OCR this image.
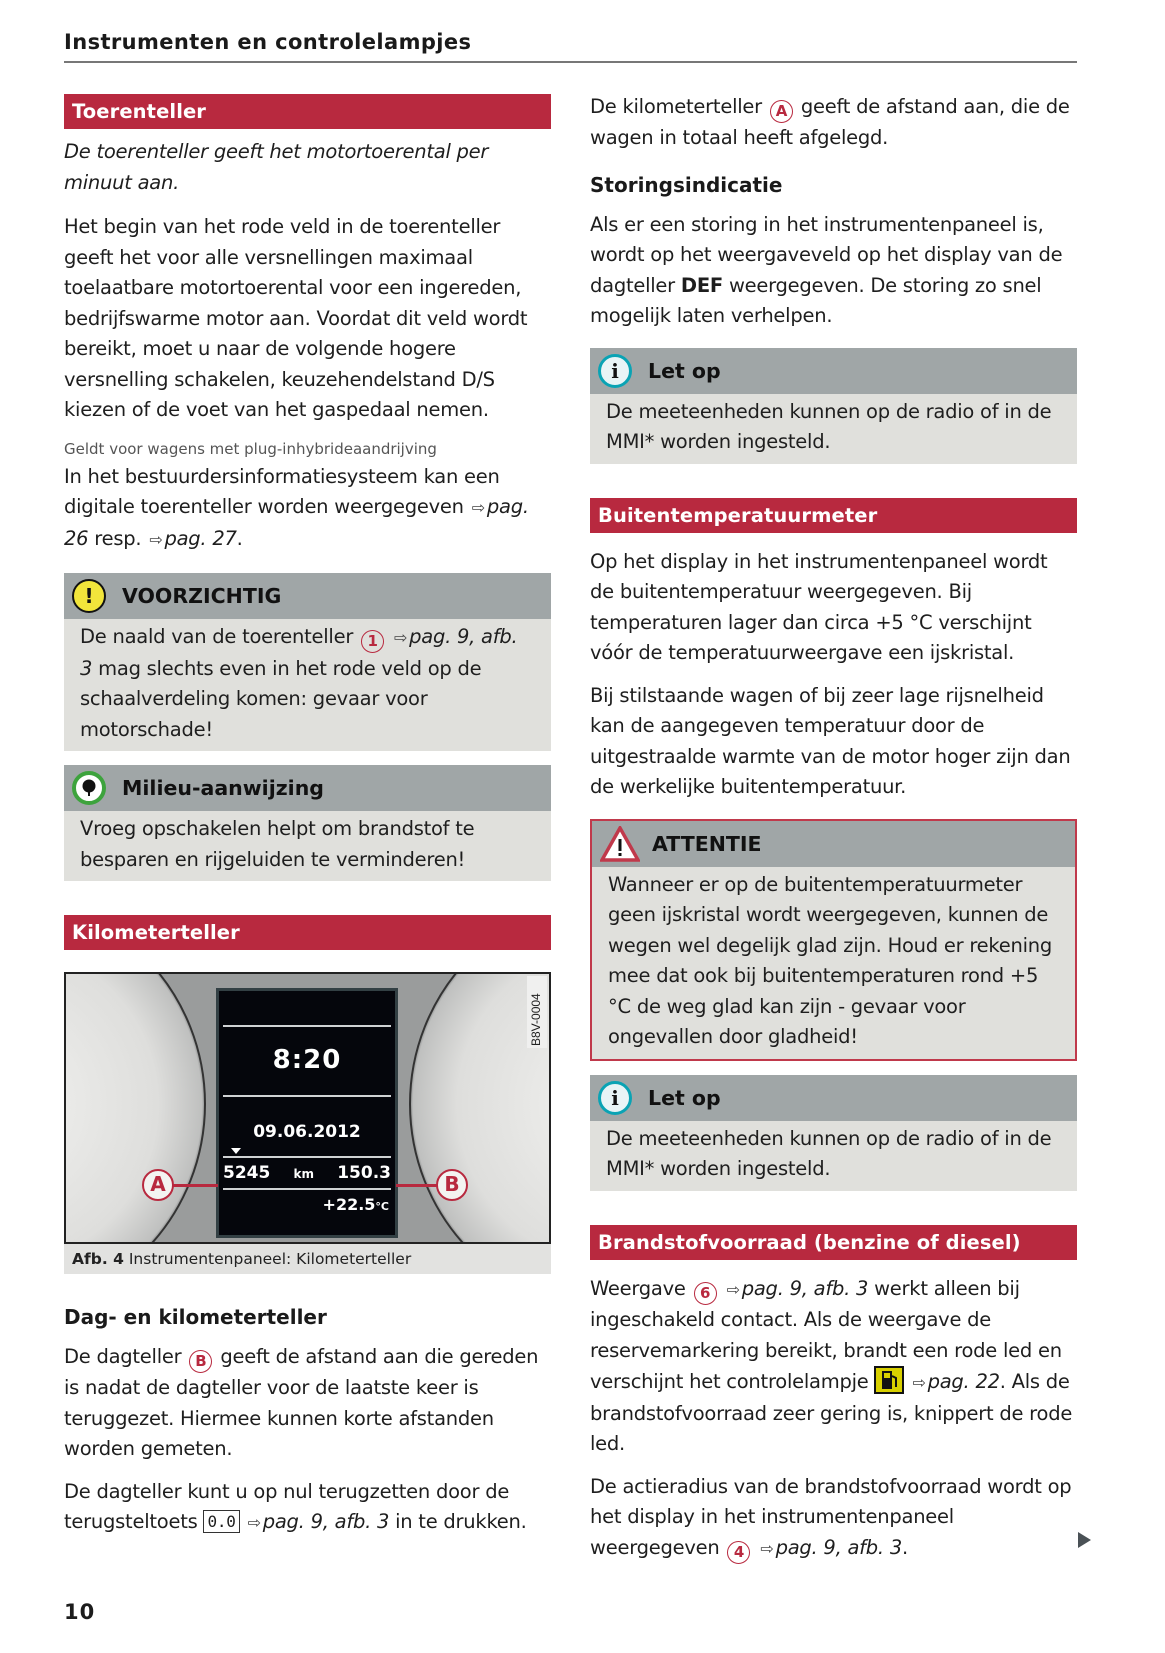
Instrumenten en controlelampjes
Toerenteller

De toerenteller geeft het motortoerental per minuut aan.

Het begin van het rode veld in de toerenteller geeft het voor alle versnellingen maximaal toelaatbare motortoerental voor een ingereden, bedrijfswarme motor aan. Voordat dit veld wordt bereikt, moet u naar de volgende hogere versnelling schakelen, keuzehendelstand D/S kiezen of de voet van het gaspedaal nemen.

Geldt voor wagens met plug-inhybrideaandrijving

In het bestuurdersinformatiesysteem kan een digitale toerenteller worden weergegeven ⇨ pag. 26 resp. ⇨ pag. 27.

!	VOORZICHTIG
De naald van de toerenteller 1 ⇨ pag. 9, afb. 3 mag slechts even in het rode veld op de schaalverdeling komen: gevaar voor motorschade!
Milieu-aanwijzing
Vroeg opschakelen helpt om brandstof te besparen en rijgeluiden te verminderen!
Kilometerteller
8:20
09.06.2012
5245 km 150.3
+22.5°C
A	B
B8V-0004
Afb. 4 Instrumentenpaneel: Kilometerteller
Dag- en kilometerteller

De dagteller B geeft de afstand aan die gereden is nadat de dagteller voor de laatste keer is teruggezet. Hiermee kunnen korte afstanden worden gemeten.

De dagteller kunt u op nul terugzetten door de terugsteltoets 0.0 ⇨ pag. 9, afb. 3 in te drukken.

De kilometerteller A geeft de afstand aan, die de wagen in totaal heeft afgelegd.

Storingsindicatie

Als er een storing in het instrumentenpaneel is, wordt op het weergaveveld op het display van de dagteller DEF weergegeven. De storing zo snel mogelijk laten verhelpen.

i	Let op
De meeteenheden kunnen op de radio of in de MMI* worden ingesteld.
Buitentemperatuurmeter

Op het display in het instrumentenpaneel wordt de buitentemperatuur weergegeven. Bij temperaturen lager dan circa +5 °C verschijnt vóór de temperatuurweergave een ijskristal.

Bij stilstaande wagen of bij zeer lage rijsnelheid kan de aangegeven temperatuur door de uitgestraalde warmte van de motor hoger zijn dan de werkelijke buitentemperatuur.

ATTENTIE
Wanneer er op de buitentemperatuurmeter geen ijskristal wordt weergegeven, kunnen de wegen wel degelijk glad zijn. Houd er rekening mee dat ook bij buitentemperaturen rond +5 °C de weg glad kan zijn - gevaar voor ongevallen door gladheid!
i	Let op
De meeteenheden kunnen op de radio of in de MMI* worden ingesteld.
Brandstofvoorraad (benzine of diesel)

Weergave 6 ⇨ pag. 9, afb. 3 werkt alleen bij ingeschakeld contact. Als de weergave de reservemarkering bereikt, brandt een rode led en verschijnt het controlelampje	⇨ pag. 22. Als de brandstofvoorraad zeer gering is, knippert de rode led.

De actieradius van de brandstofvoorraad wordt op het display in het instrumentenpaneel weergegeven 4 ⇨ pag. 9, afb. 3.

10
